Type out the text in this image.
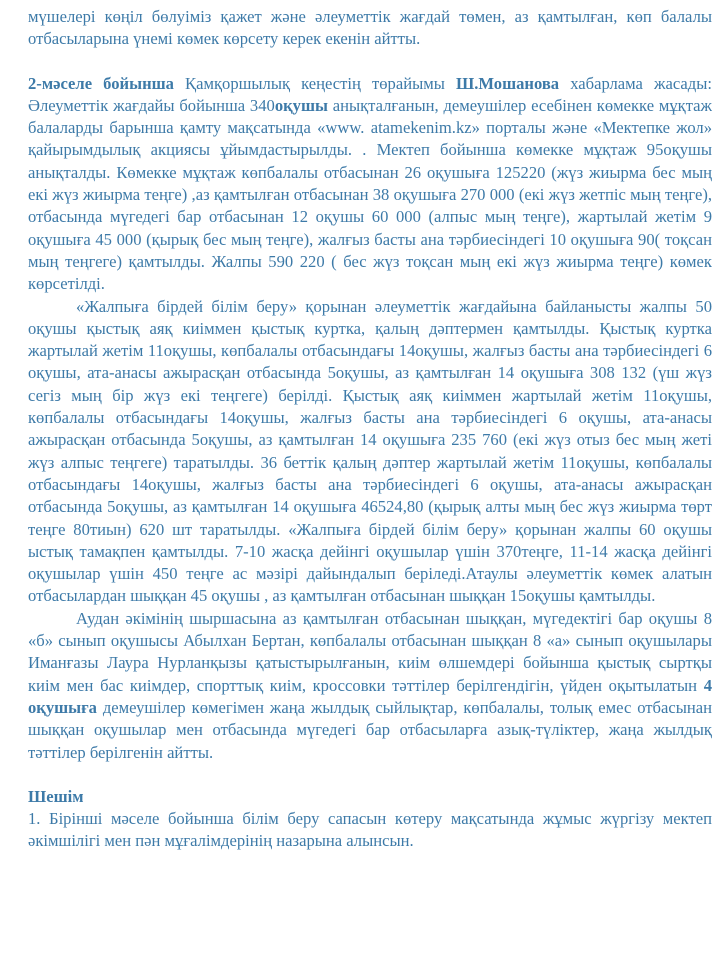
мүшелері көңіл бөлуіміз қажет және әлеуметтік жағдай төмен, аз қамтылған, көп балалы отбасыларына үнемі көмек көрсету керек екенін айтты.

2-мәселе бойынша Қамқоршылық кеңестің төрайымы Ш.Мошанова хабарлама жасады: Әлеуметтік жағдайы бойынша 340оқушы анықталғанын, демеушілер есебінен көмекке мұқтаж балаларды барынша қамту мақсатында «www. atamekenim.kz» порталы және «Мектепке жол» қайырымдылық акциясы ұйымдастырылды. . Мектеп бойынша көмекке мұқтаж 95оқушы анықталды. Көмекке мұқтаж көпбалалы отбасынан 26 оқушыға 125220 (жүз жиырма бес мың екі жүз жиырма теңге) ,аз қамтылған отбасынан 38 оқушыға 270 000 (екі жүз жетпіс мың теңге), отбасында мүгедегі бар отбасынан 12 оқушы 60 000 (алпыс мың теңге), жартылай жетім 9 оқушыға 45 000 (қырық бес мың теңге), жалғыз басты ана тәрбиесіндегі 10 оқушыға 90( тоқсан мың теңгеге) қамтылды. Жалпы 590 220 ( бес жүз тоқсан мың екі жүз жиырма теңге) көмек көрсетілді.

«Жалпыға бірдей білім беру» қорынан әлеуметтік жағдайына байланысты жалпы 50 оқушы қыстық аяқ киіммен қыстық куртка, қалың дәптермен қамтылды. Қыстық куртка жартылай жетім 11оқушы, көпбалалы отбасындағы 14оқушы, жалғыз басты ана тәрбиесіндегі 6 оқушы, ата-анасы ажырасқан отбасында 5оқушы, аз қамтылған 14 оқушыға 308 132 (үш жүз сегіз мың бір жүз екі теңгеге) берілді. Қыстық аяқ киіммен жартылай жетім 11оқушы, көпбалалы отбасындағы 14оқушы, жалғыз басты ана тәрбиесіндегі 6 оқушы, ата-анасы ажырасқан отбасында 5оқушы, аз қамтылған 14 оқушыға 235 760 (екі жүз отыз бес мың жеті жүз алпыс теңгеге) таратылды. 36 беттік қалың дәптер жартылай жетім 11оқушы, көпбалалы отбасындағы 14оқушы, жалғыз басты ана тәрбиесіндегі 6 оқушы, ата-анасы ажырасқан отбасында 5оқушы, аз қамтылған 14 оқушыға 46524,80 (қырық алты мың бес жүз жиырма төрт теңге 80тиын) 620 шт таратылды. «Жалпыға бірдей білім беру» қорынан жалпы 60 оқушы ыстық тамақпен қамтылды. 7-10 жасқа дейінгі оқушылар үшін 370теңге, 11-14 жасқа дейінгі оқушылар үшін 450 теңге ас мәзірі дайындалып беріледі.Атаулы әлеуметтік көмек алатын отбасылардан шыққан 45 оқушы , аз қамтылған отбасынан шыққан 15оқушы қамтылды.

Аудан әкімінің шыршасына аз қамтылған отбасынан шыққан, мүгедектігі бар оқушы 8 «б» сынып оқушысы Абылхан Бертан, көпбалалы отбасынан шыққан 8 «а» сынып оқушылары Иманғазы Лаура Нурланқызы қатыстырылғанын, киім өлшемдері бойынша қыстық сыртқы киім мен бас киімдер, спорттық киім, кроссовки тәттілер берілгендігін, үйден оқытылатын 4 оқушыға демеушілер көмегімен жаңа жылдық сыйлықтар, көпбалалы, толық емес отбасынан шыққан оқушылар мен отбасында мүгедегі бар отбасыларға азық-түліктер, жаңа жылдық тәттілер берілгенін айтты.

Шешім

1. Бірінші мәселе бойынша білім беру сапасын көтеру мақсатында жұмыс жүргізу мектеп әкімшілігі мен пән мұғалімдерінің назарына алынсын.
